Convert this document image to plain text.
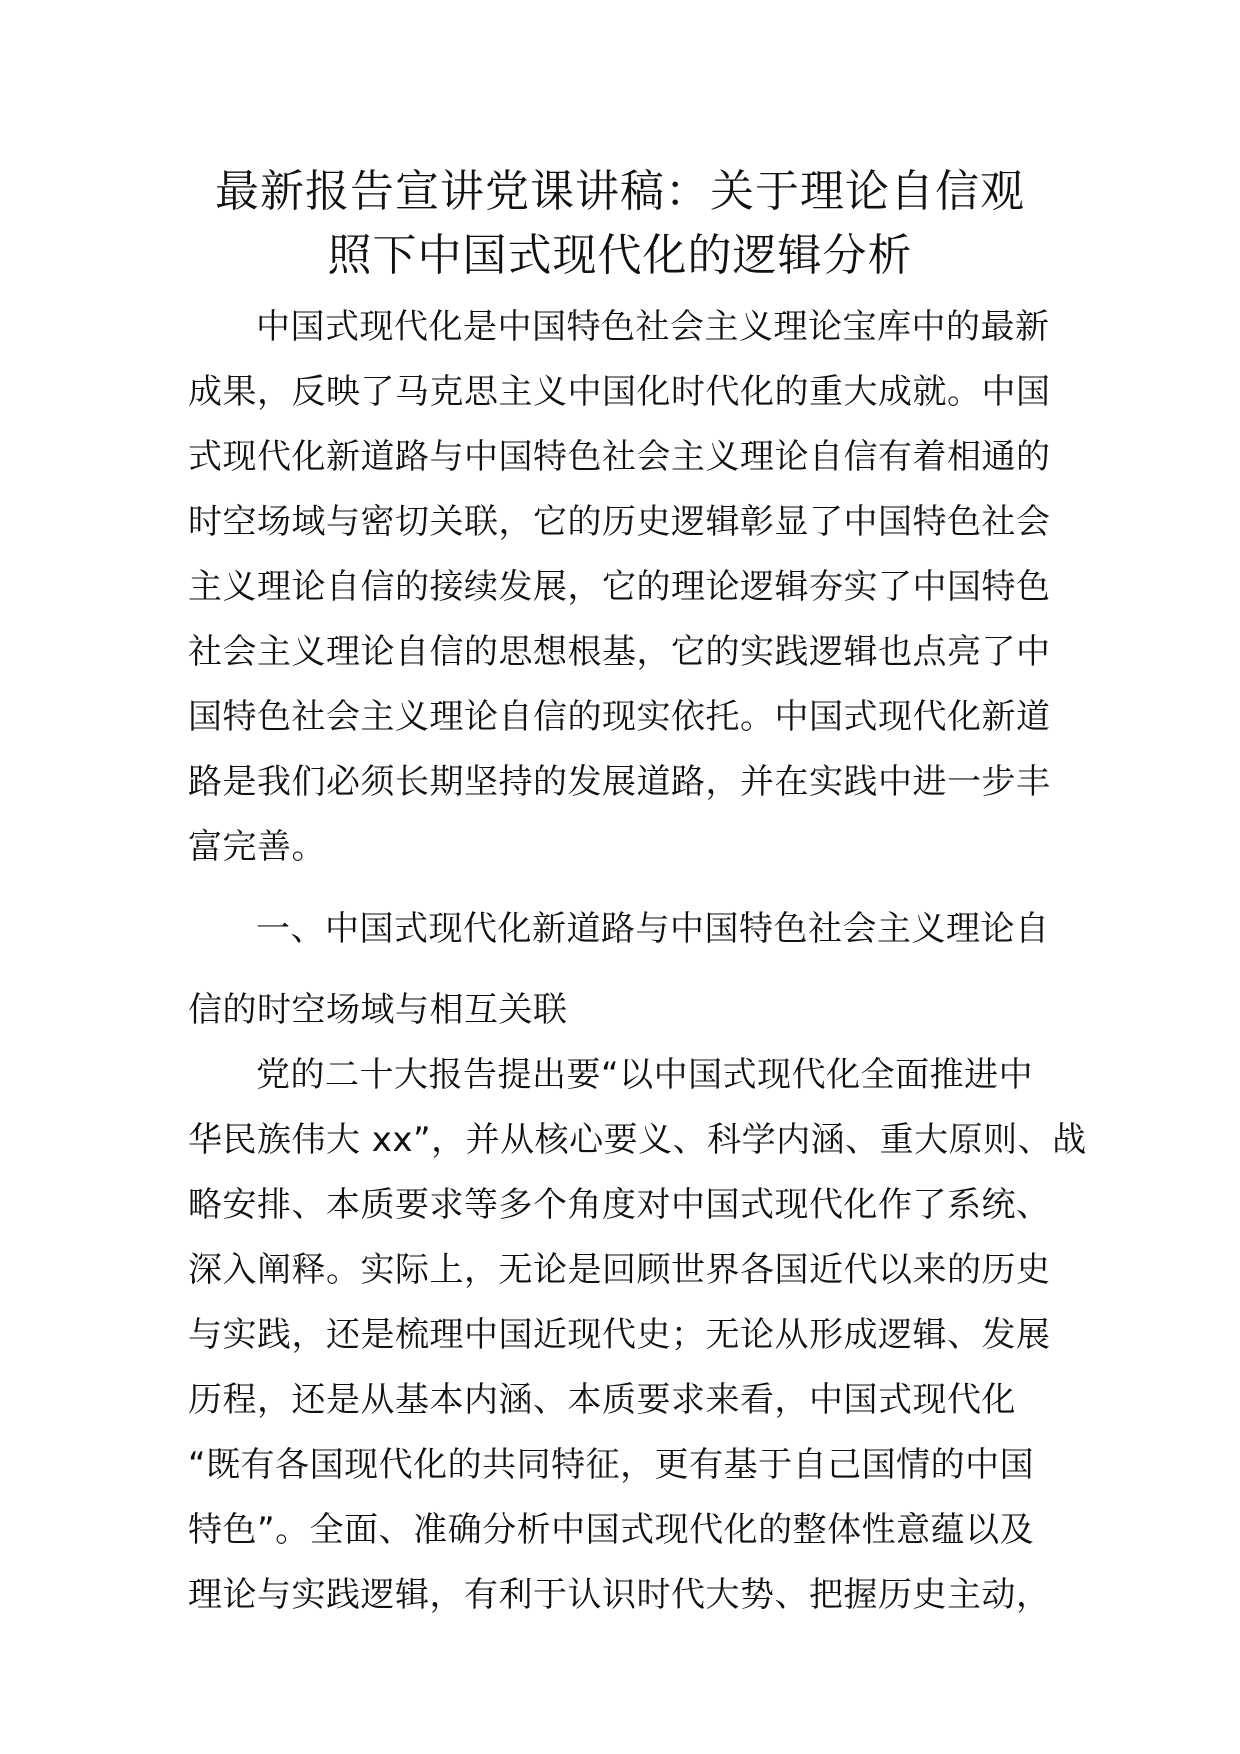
最新报告宣讲党课讲稿：关于理论自信观
照下中国式现代化的逻辑分析
中国式现代化是中国特色社会主义理论宝库中的最新
成果，反映了马克思主义中国化时代化的重大成就。中国
式现代化新道路与中国特色社会主义理论自信有着相通的
时空场域与密切关联，它的历史逻辑彰显了中国特色社会
主义理论自信的接续发展，它的理论逻辑夯实了中国特色
社会主义理论自信的思想根基，它的实践逻辑也点亮了中
国特色社会主义理论自信的现实依托。中国式现代化新道
路是我们必须长期坚持的发展道路，并在实践中进一步丰
富完善。
一、中国式现代化新道路与中国特色社会主义理论自
信的时空场域与相互关联
党的二十大报告提出要“以中国式现代化全面推进中
华民族伟大 xx”，并从核心要义、科学内涵、重大原则、战
略安排、本质要求等多个角度对中国式现代化作了系统、
深入阐释。实际上，无论是回顾世界各国近代以来的历史
与实践，还是梳理中国近现代史；无论从形成逻辑、发展
历程，还是从基本内涵、本质要求来看，中国式现代化
“既有各国现代化的共同特征，更有基于自己国情的中国
特色”。全面、准确分析中国式现代化的整体性意蕴以及
理论与实践逻辑，有利于认识时代大势、把握历史主动，
